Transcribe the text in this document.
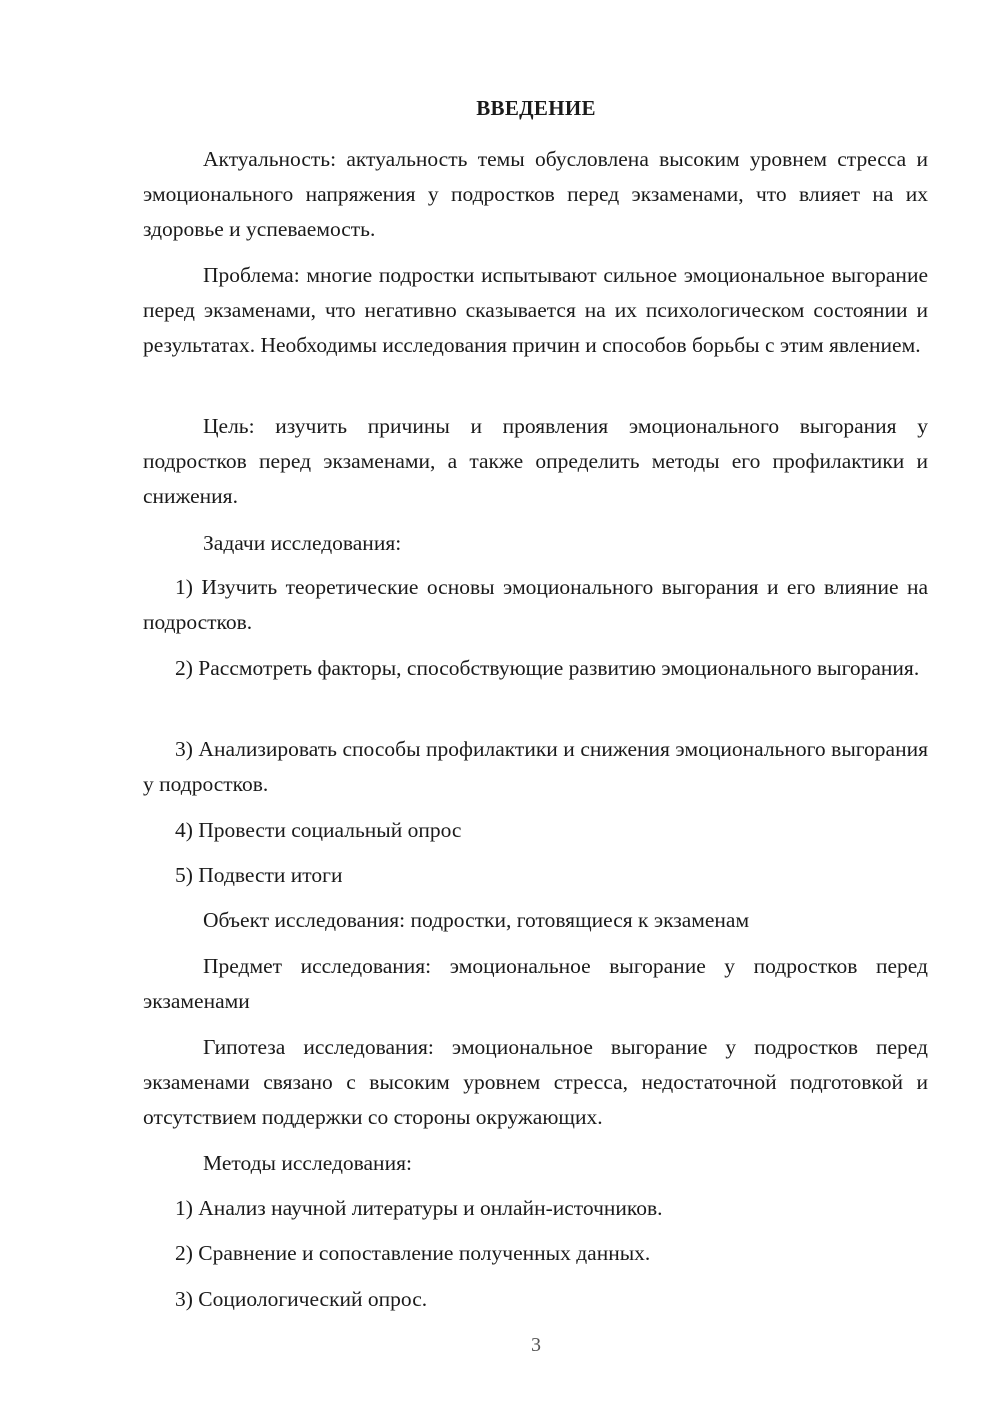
ВВЕДЕНИЕ

Актуальность: актуальность темы обусловлена высоким уровнем стресса и эмоционального напряжения у подростков перед экзаменами, что влияет на их здоровье и успеваемость.

Проблема: многие подростки испытывают сильное эмоциональное выгорание перед экзаменами, что негативно сказывается на их психологическом состоянии и результатах. Необходимы исследования причин и способов борьбы с этим явлением.

Цель: изучить причины и проявления эмоционального выгорания у подростков перед экзаменами, а также определить методы его профилактики и снижения.

Задачи исследования:

1) Изучить теоретические основы эмоционального выгорания и его влияние на подростков.

2) Рассмотреть факторы, способствующие развитию эмоционального выгорания.

3) Анализировать способы профилактики и снижения эмоционального выгорания у подростков.

4) Провести социальный опрос

5) Подвести итоги

Объект исследования: подростки, готовящиеся к экзаменам

Предмет исследования: эмоциональное выгорание у подростков перед экзаменами

Гипотеза исследования: эмоциональное выгорание у подростков перед экзаменами связано с высоким уровнем стресса, недостаточной подготовкой и отсутствием поддержки со стороны окружающих.

Методы исследования:

1) Анализ научной литературы и онлайн-источников.

2) Сравнение и сопоставление полученных данных.

3) Социологический опрос.

3
